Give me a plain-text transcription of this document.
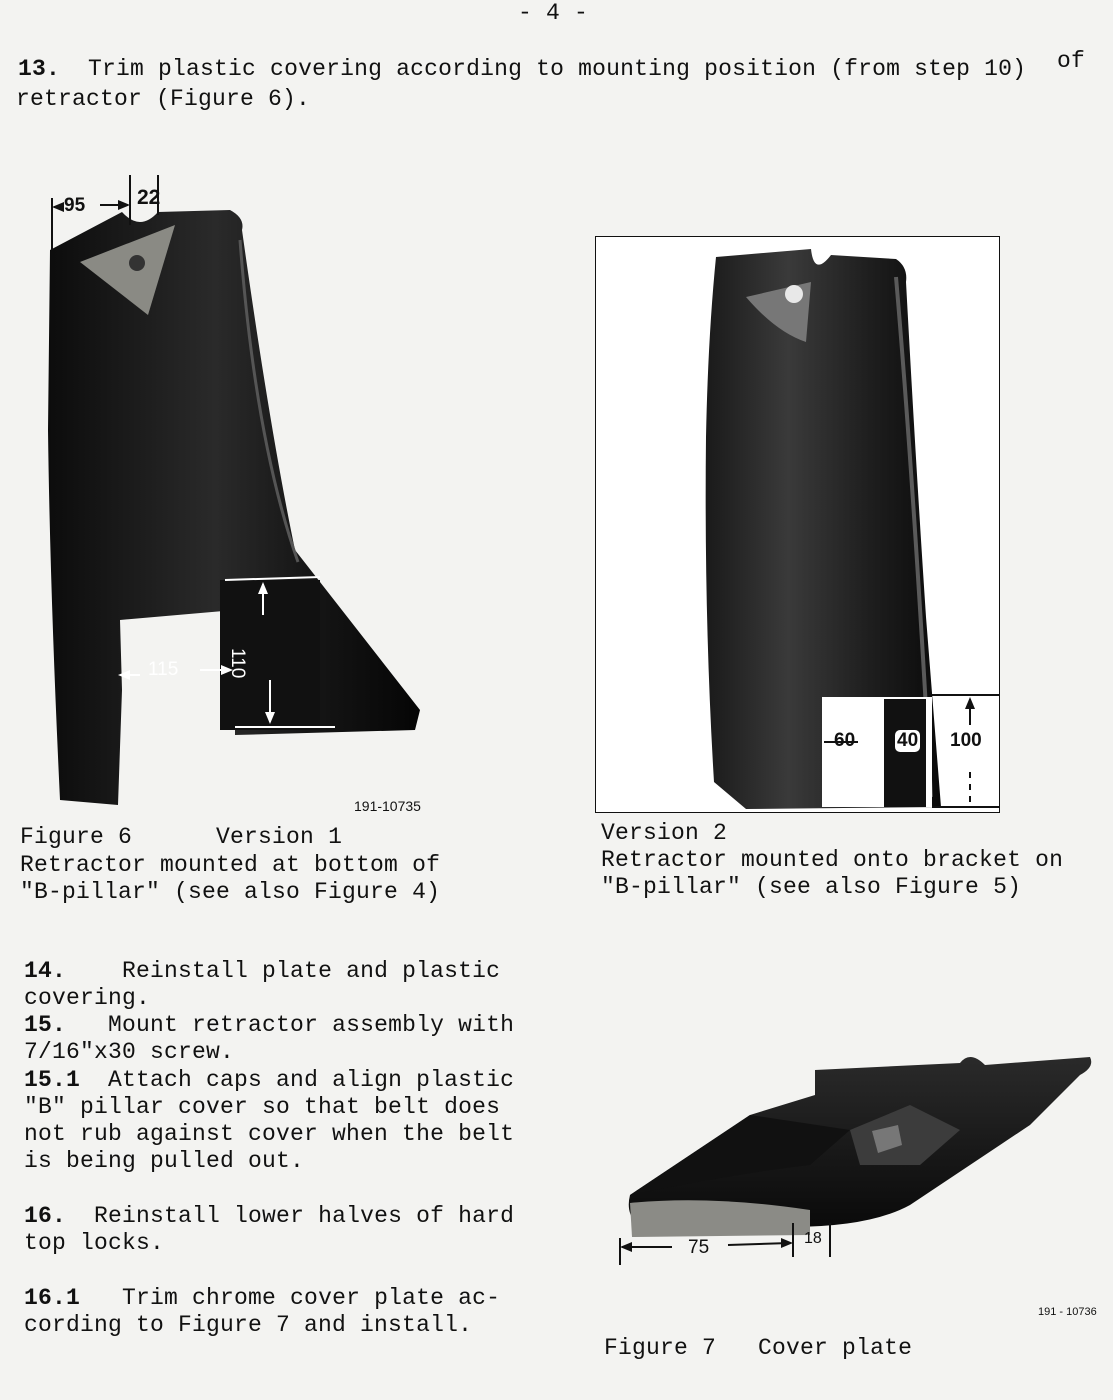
- 4 -
13. Trim plastic covering according to mounting position (from step 10) of
retractor (Figure 6).
95 22
115	110
191-10735
Figure 6	Version 1
Retractor mounted at bottom of
"B-pillar" (see also Figure 4)
60 40 100
Version 2
Retractor mounted onto bracket on
"B-pillar" (see also Figure 5)
14. Reinstall plate and plastic
covering.
15. Mount retractor assembly with
7/16"x30 screw.
15.1 Attach caps and align plastic
"B" pillar cover so that belt does
not rub against cover when the belt
is being pulled out.
16. Reinstall lower halves of hard
top locks.
16.1 Trim chrome cover plate ac-
cording to Figure 7 and install.
75	18
191 - 10736
Figure 7 Cover plate
